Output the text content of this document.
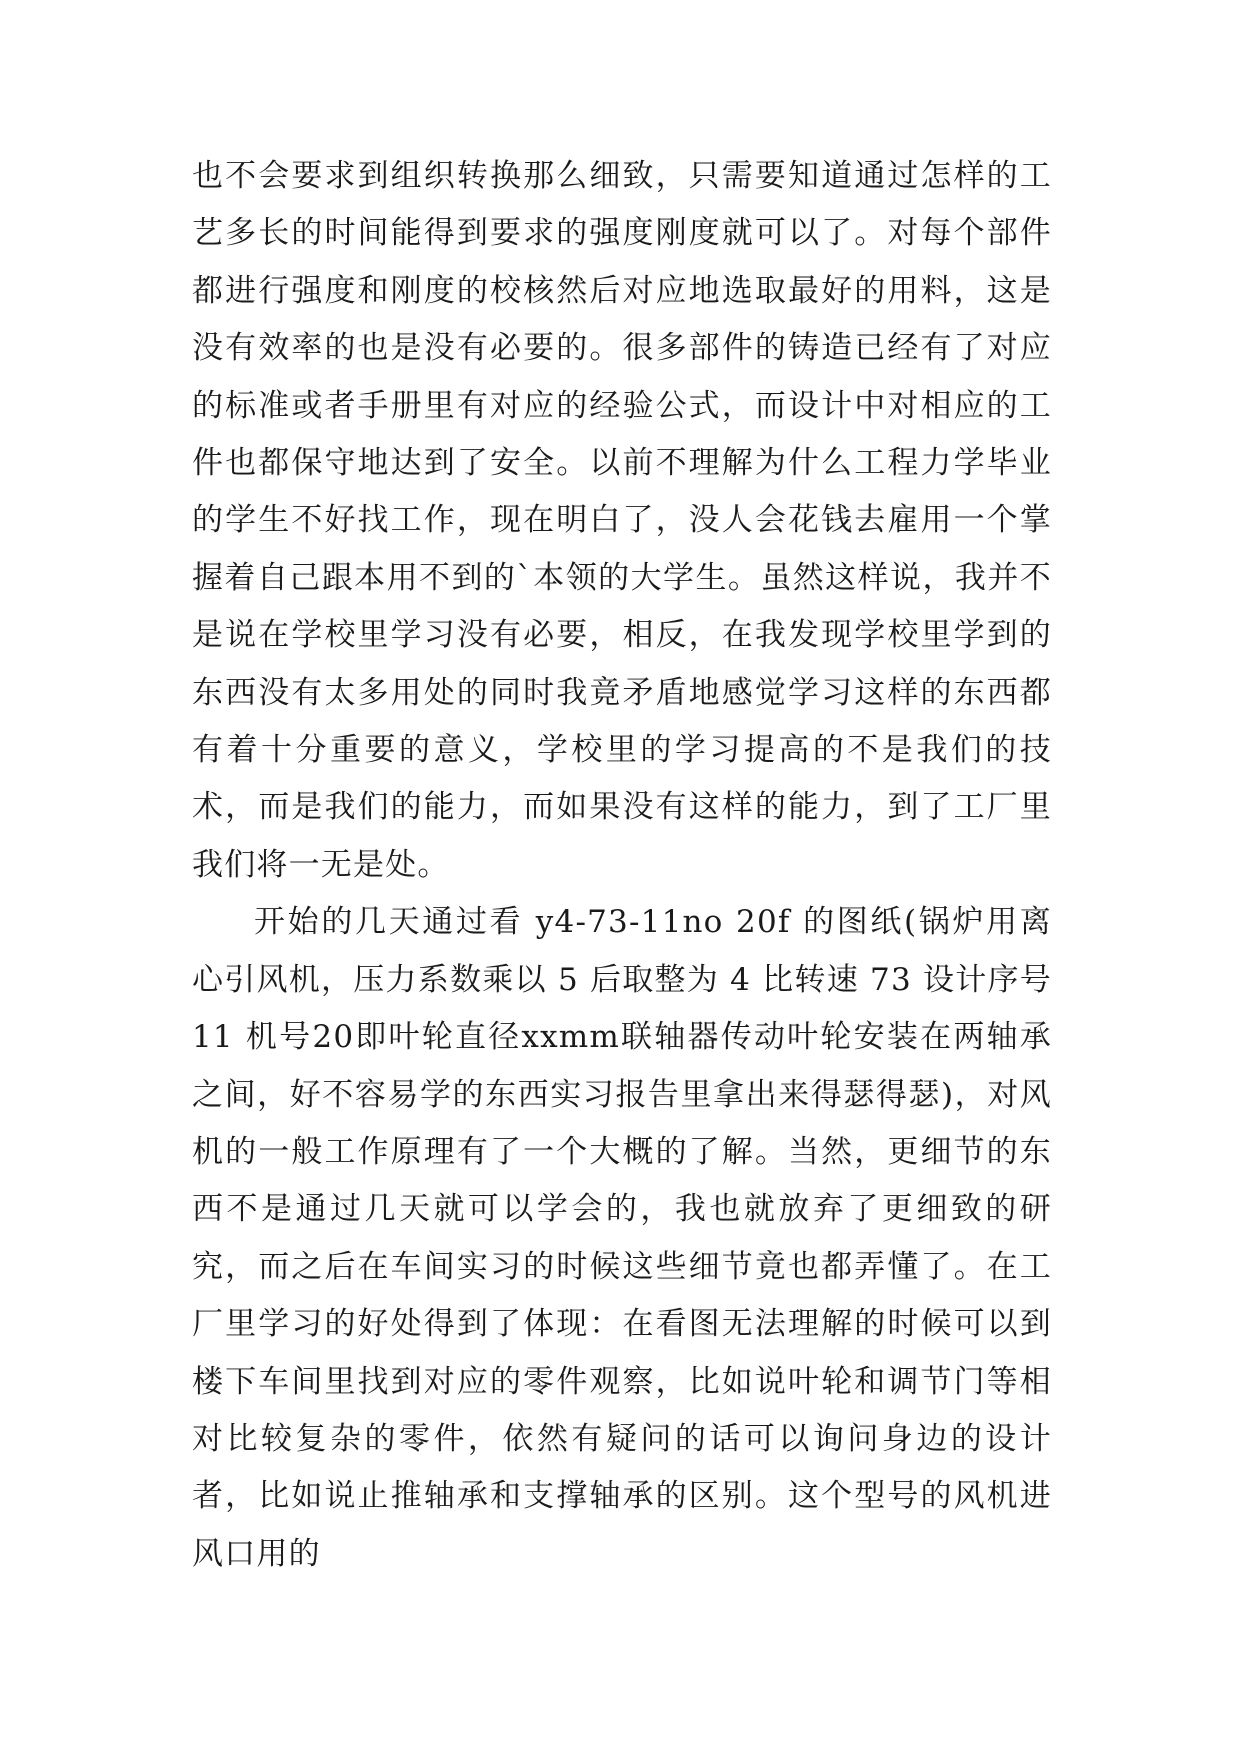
也不会要求到组织转换那么细致，只需要知道通过怎样的工艺多长的时间能得到要求的强度刚度就可以了。对每个部件都进行强度和刚度的校核然后对应地选取最好的用料，这是没有效率的也是没有必要的。很多部件的铸造已经有了对应的标准或者手册里有对应的经验公式，而设计中对相应的工件也都保守地达到了安全。以前不理解为什么工程力学毕业的学生不好找工作，现在明白了，没人会花钱去雇用一个掌握着自己跟本用不到的`本领的大学生。虽然这样说，我并不是说在学校里学习没有必要，相反，在我发现学校里学到的东西没有太多用处的同时我竟矛盾地感觉学习这样的东西都有着十分重要的意义，学校里的学习提高的不是我们的技术，而是我们的能力，而如果没有这样的能力，到了工厂里我们将一无是处。

开始的几天通过看 y4-73-11no 20f 的图纸(锅炉用离心引风机，压力系数乘以 5 后取整为 4 比转速 73 设计序号 11 机号20即叶轮直径xxmm联轴器传动叶轮安装在两轴承之间，好不容易学的东西实习报告里拿出来得瑟得瑟)，对风机的一般工作原理有了一个大概的了解。当然，更细节的东西不是通过几天就可以学会的，我也就放弃了更细致的研究，而之后在车间实习的时候这些细节竟也都弄懂了。在工厂里学习的好处得到了体现：在看图无法理解的时候可以到楼下车间里找到对应的零件观察，比如说叶轮和调节门等相对比较复杂的零件，依然有疑问的话可以询问身边的设计者，比如说止推轴承和支撑轴承的区别。这个型号的风机进风口用的
